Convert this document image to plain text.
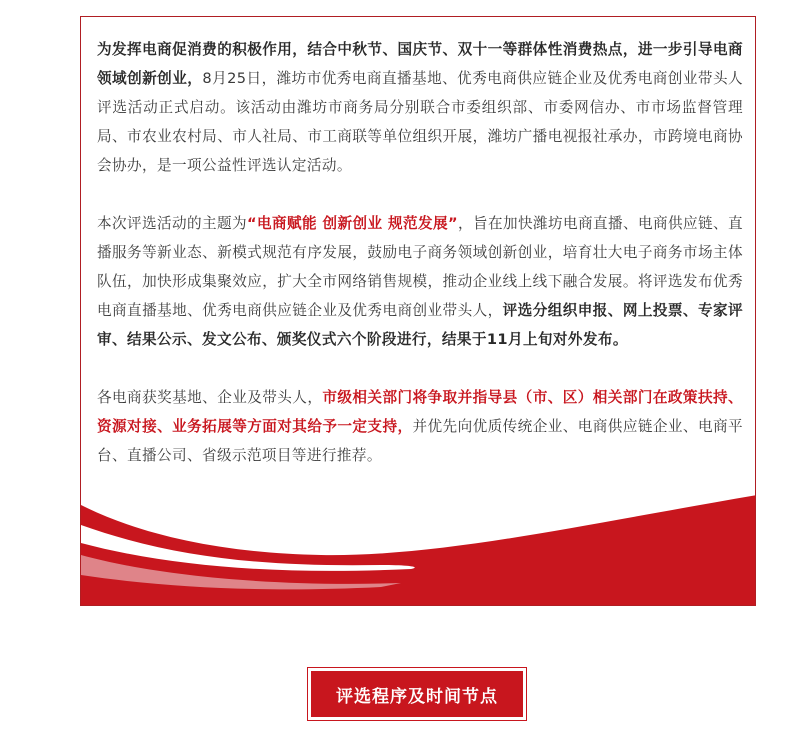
为发挥电商促消费的积极作用，结合中秋节、国庆节、双十一等群体性消费热点，进一步引导电商领域创新创业，8月25日，潍坊市优秀电商直播基地、优秀电商供应链企业及优秀电商创业带头人评选活动正式启动。该活动由潍坊市商务局分别联合市委组织部、市委网信办、市市场监督管理局、市农业农村局、市人社局、市工商联等单位组织开展，潍坊广播电视报社承办，市跨境电商协会协办，是一项公益性评选认定活动。

本次评选活动的主题为“电商赋能 创新创业 规范发展”，旨在加快潍坊电商直播、电商供应链、直播服务等新业态、新模式规范有序发展，鼓励电子商务领域创新创业，培育壮大电子商务市场主体队伍，加快形成集聚效应，扩大全市网络销售规模，推动企业线上线下融合发展。将评选发布优秀电商直播基地、优秀电商供应链企业及优秀电商创业带头人，评选分组织申报、网上投票、专家评审、结果公示、发文公布、颁奖仪式六个阶段进行，结果于11月上旬对外发布。

各电商获奖基地、企业及带头人，市级相关部门将争取并指导县（市、区）相关部门在政策扶持、资源对接、业务拓展等方面对其给予一定支持，并优先向优质传统企业、电商供应链企业、电商平台、直播公司、省级示范项目等进行推荐。

评选程序及时间节点
